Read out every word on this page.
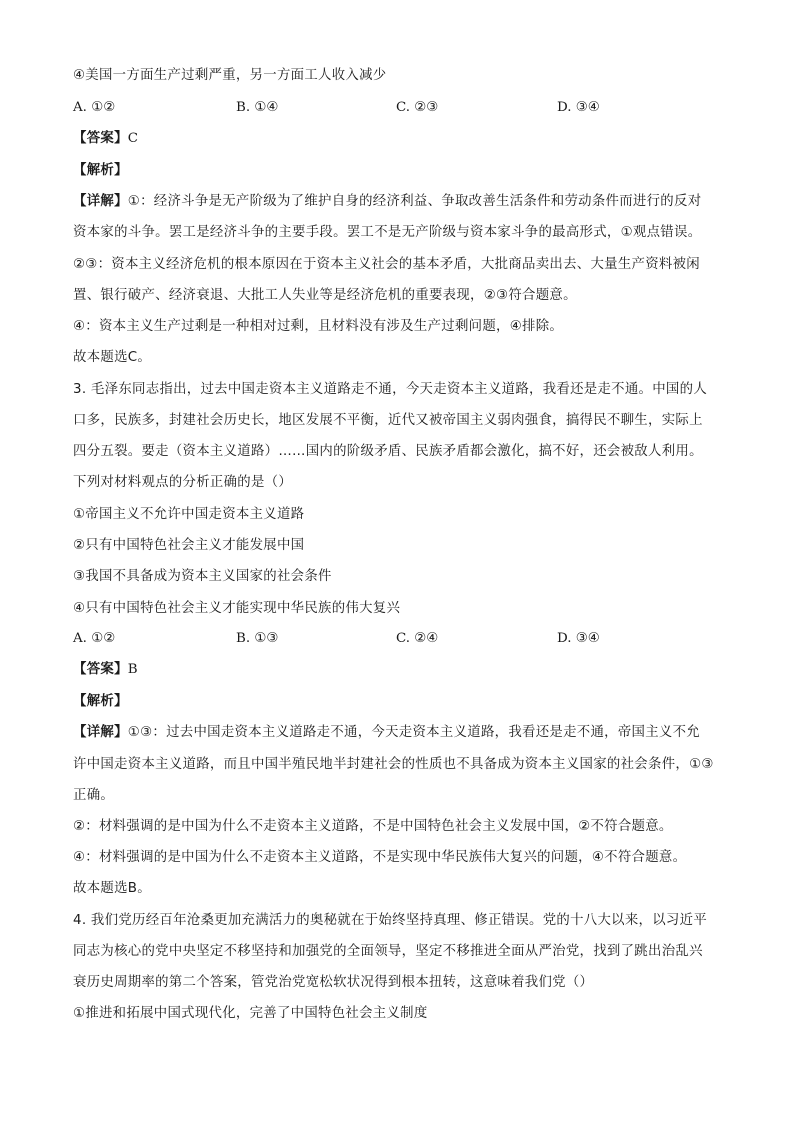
④美国一方面生产过剩严重，另一方面工人收入减少
A. ①②	B. ①④	C. ②③	D. ③④
【答案】C
【解析】
【详解】①：经济斗争是无产阶级为了维护自身的经济利益、争取改善生活条件和劳动条件而进行的反对
资本家的斗争。罢工是经济斗争的主要手段。罢工不是无产阶级与资本家斗争的最高形式，①观点错误。
②③：资本主义经济危机的根本原因在于资本主义社会的基本矛盾，大批商品卖出去、大量生产资料被闲
置、银行破产、经济衰退、大批工人失业等是经济危机的重要表现，②③符合题意。
④：资本主义生产过剩是一种相对过剩，且材料没有涉及生产过剩问题，④排除。
故本题选C。
3. 毛泽东同志指出，过去中国走资本主义道路走不通，今天走资本主义道路，我看还是走不通。中国的人
口多，民族多，封建社会历史长，地区发展不平衡，近代又被帝国主义弱肉强食，搞得民不聊生，实际上
四分五裂。要走（资本主义道路）……国内的阶级矛盾、民族矛盾都会激化，搞不好，还会被敌人利用。
下列对材料观点的分析正确的是（）
①帝国主义不允许中国走资本主义道路
②只有中国特色社会主义才能发展中国
③我国不具备成为资本主义国家的社会条件
④只有中国特色社会主义才能实现中华民族的伟大复兴
A. ①②	B. ①③	C. ②④	D. ③④
【答案】B
【解析】
【详解】①③：过去中国走资本主义道路走不通，今天走资本主义道路，我看还是走不通，帝国主义不允
许中国走资本主义道路，而且中国半殖民地半封建社会的性质也不具备成为资本主义国家的社会条件，①③
正确。
②：材料强调的是中国为什么不走资本主义道路，不是中国特色社会主义发展中国，②不符合题意。
④：材料强调的是中国为什么不走资本主义道路，不是实现中华民族伟大复兴的问题，④不符合题意。
故本题选B。
4. 我们党历经百年沧桑更加充满活力的奥秘就在于始终坚持真理、修正错误。党的十八大以来，以习近平
同志为核心的党中央坚定不移坚持和加强党的全面领导，坚定不移推进全面从严治党，找到了跳出治乱兴
衰历史周期率的第二个答案，管党治党宽松软状况得到根本扭转，这意味着我们党（）
①推进和拓展中国式现代化，完善了中国特色社会主义制度
